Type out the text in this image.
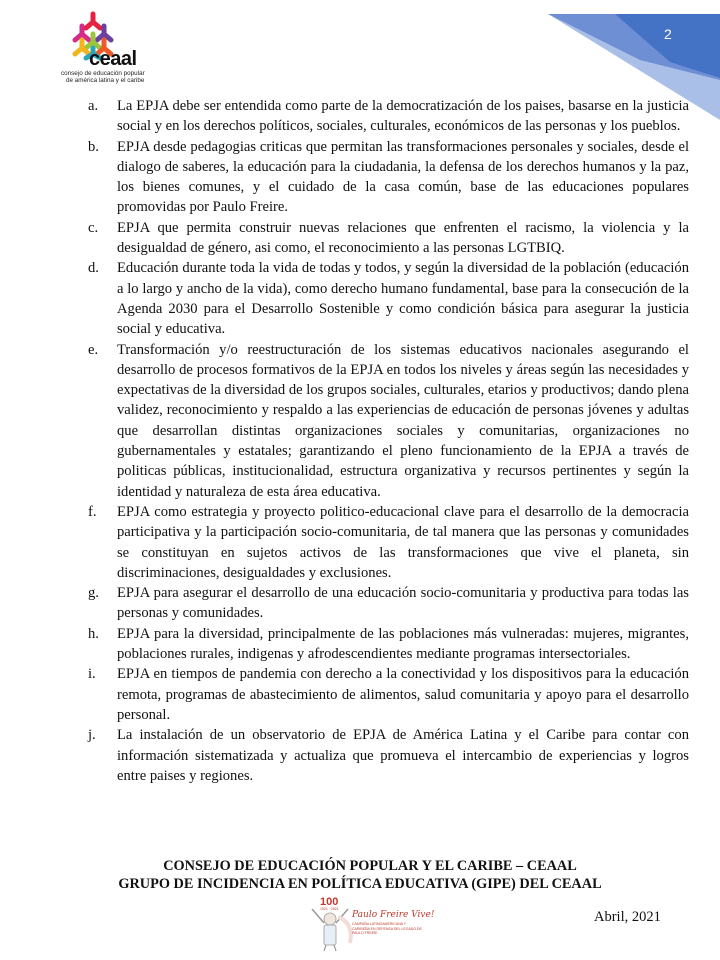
2
ceaal
consejo de educación popular
de américa latina y el caribe
a. La EPJA debe ser entendida como parte de la democratización de los paises, basarse en la justicia social y en los derechos políticos, sociales, culturales, económicos de las personas y los pueblos.
b. EPJA desde pedagogias criticas que permitan las transformaciones personales y sociales, desde el dialogo de saberes, la educación para la ciudadania, la defensa de los derechos humanos y la paz, los bienes comunes, y el cuidado de la casa común, base de las educaciones populares promovidas por Paulo Freire.
c. EPJA que permita construir nuevas relaciones que enfrenten el racismo, la violencia y la desigualdad de género, asi como, el reconocimiento a las personas LGTBIQ.
d. Educación durante toda la vida de todas y todos, y según la diversidad de la población (educación a lo largo y ancho de la vida), como derecho humano fundamental, base para la consecución de la Agenda 2030 para el Desarrollo Sostenible y como condición básica para asegurar la justicia social y educativa.
e. Transformación y/o reestructuración de los sistemas educativos nacionales asegurando el desarrollo de procesos formativos de la EPJA en todos los niveles y áreas según las necesidades y expectativas de la diversidad de los grupos sociales, culturales, etarios y productivos; dando plena validez, reconocimiento y respaldo a las experiencias de educación de personas jóvenes y adultas que desarrollan distintas organizaciones sociales y comunitarias, organizaciones no gubernamentales y estatales; garantizando el pleno funcionamiento de la EPJA a través de politicas públicas, institucionalidad, estructura organizativa y recursos pertinentes y según la identidad y naturaleza de esta área educativa.
f. EPJA como estrategia y proyecto politico-educacional clave para el desarrollo de la democracia participativa y la participación socio-comunitaria, de tal manera que las personas y comunidades se constituyan en sujetos activos de las transformaciones que vive el planeta, sin discriminaciones, desigualdades y exclusiones.
g. EPJA para asegurar el desarrollo de una educación socio-comunitaria y productiva para todas las personas y comunidades.
h. EPJA para la diversidad, principalmente de las poblaciones más vulneradas: mujeres, migrantes, poblaciones rurales, indigenas y afrodescendientes mediante programas intersectoriales.
i. EPJA en tiempos de pandemia con derecho a la conectividad y los dispositivos para la educación remota, programas de abastecimiento de alimentos, salud comunitaria y apoyo para el desarrollo personal.
j. La instalación de un observatorio de EPJA de América Latina y el Caribe para contar con información sistematizada y actualiza que promueva el intercambio de experiencias y logros entre paises y regiones.
CONSEJO DE EDUCACIÓN POPULAR Y EL CARIBE – CEAAL
GRUPO DE INCIDENCIA EN POLÍTICA EDUCATIVA (GIPE) DEL CEAAL
100
1921 · 2021
Paulo Freire Vive!
CAMPAÑA LATINOAMERICANA Y CARIBEÑA EN DEFENSA DEL LEGADO DE PAULO FREIRE
Abril, 2021
